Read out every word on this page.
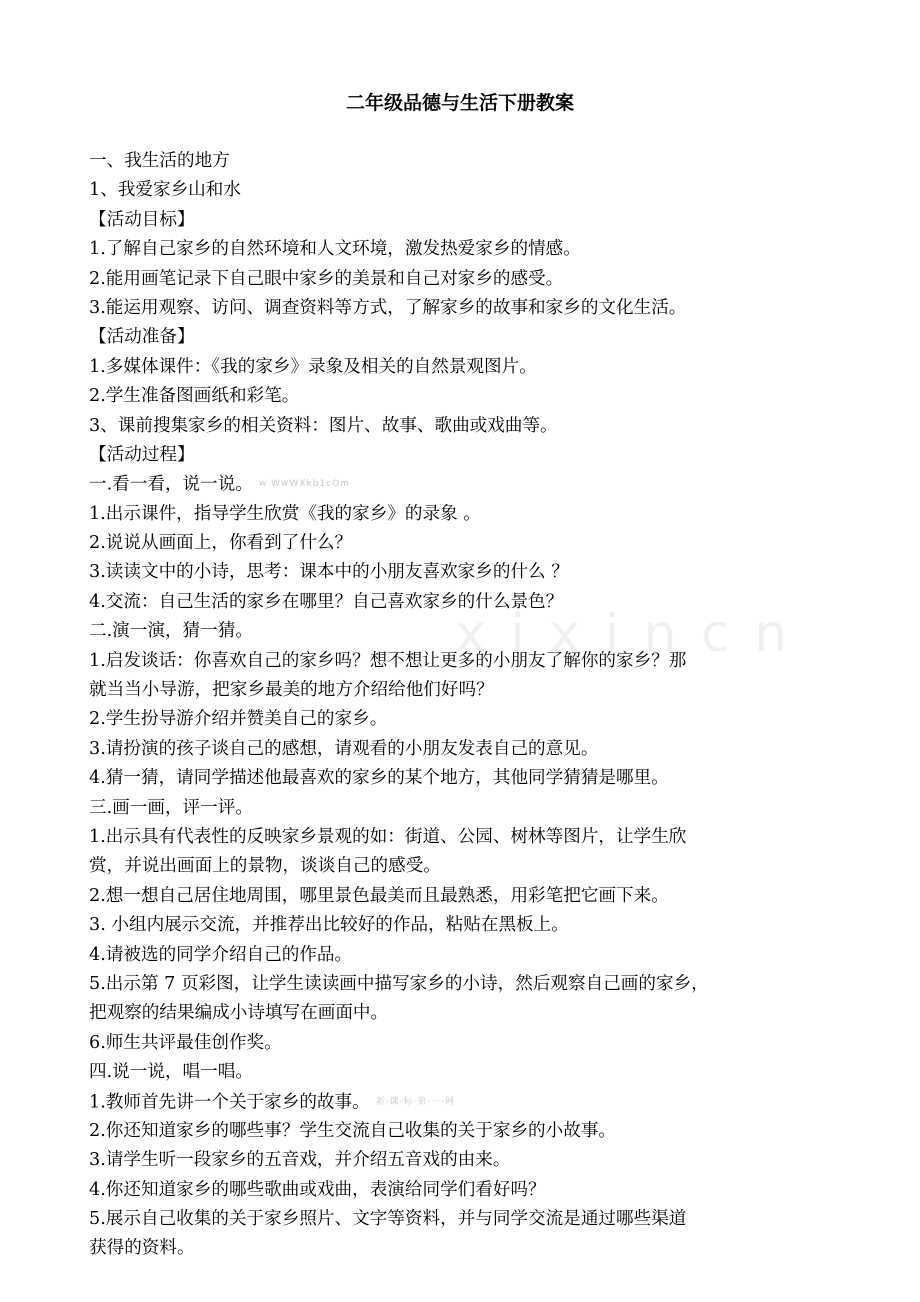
二年级品德与生活下册教案
x i x i n c n
一、我生活的地方
1、我爱家乡山和水
【活动目标】
1.了解自己家乡的自然环境和人文环境，激发热爱家乡的情感。
2.能用画笔记录下自己眼中家乡的美景和自己对家乡的感受。
3.能运用观察、访问、调查资料等方式，了解家乡的故事和家乡的文化生活。
【活动准备】
1.多媒体课件：《我的家乡》录象及相关的自然景观图片。
2.学生准备图画纸和彩笔。
3、课前搜集家乡的相关资料：图片、故事、歌曲或戏曲等。
【活动过程】
一.看一看，说一说。 w WwWXkb1cOm
1.出示课件，指导学生欣赏《我的家乡》的录象 。
2.说说从画面上，你看到了什么？
3.读读文中的小诗，思考：课本中的小朋友喜欢家乡的什么 ？
4.交流：自己生活的家乡在哪里？自己喜欢家乡的什么景色？
二.演一演，猜一猜。
1.启发谈话：你喜欢自己的家乡吗？想不想让更多的小朋友了解你的家乡？那
就当当小导游，把家乡最美的地方介绍给他们好吗？
2.学生扮导游介绍并赞美自己的家乡。
3.请扮演的孩子谈自己的感想，请观看的小朋友发表自己的意见。
4.猜一猜，请同学描述他最喜欢的家乡的某个地方，其他同学猜猜是哪里。
三.画一画，评一评。
1.出示具有代表性的反映家乡景观的如：街道、公园、树林等图片，让学生欣
赏，并说出画面上的景物，谈谈自己的感受。
2.想一想自己居住地周围，哪里景色最美而且最熟悉，用彩笔把它画下来。
3. 小组内展示交流，并推荐出比较好的作品，粘贴在黑板上。
4.请被选的同学介绍自己的作品。
5.出示第 7 页彩图，让学生读读画中描写家乡的小诗，然后观察自己画的家乡，
把观察的结果编成小诗填写在画面中。
6.师生共评最佳创作奖。
四.说一说，唱一唱。
1.教师首先讲一个关于家乡的故事。 新·课·标·第·一·网
2.你还知道家乡的哪些事？学生交流自己收集的关于家乡的小故事。
3.请学生听一段家乡的五音戏，并介绍五音戏的由来。
4.你还知道家乡的哪些歌曲或戏曲，表演给同学们看好吗？
5.展示自己收集的关于家乡照片、文字等资料，并与同学交流是通过哪些渠道
获得的资料。
